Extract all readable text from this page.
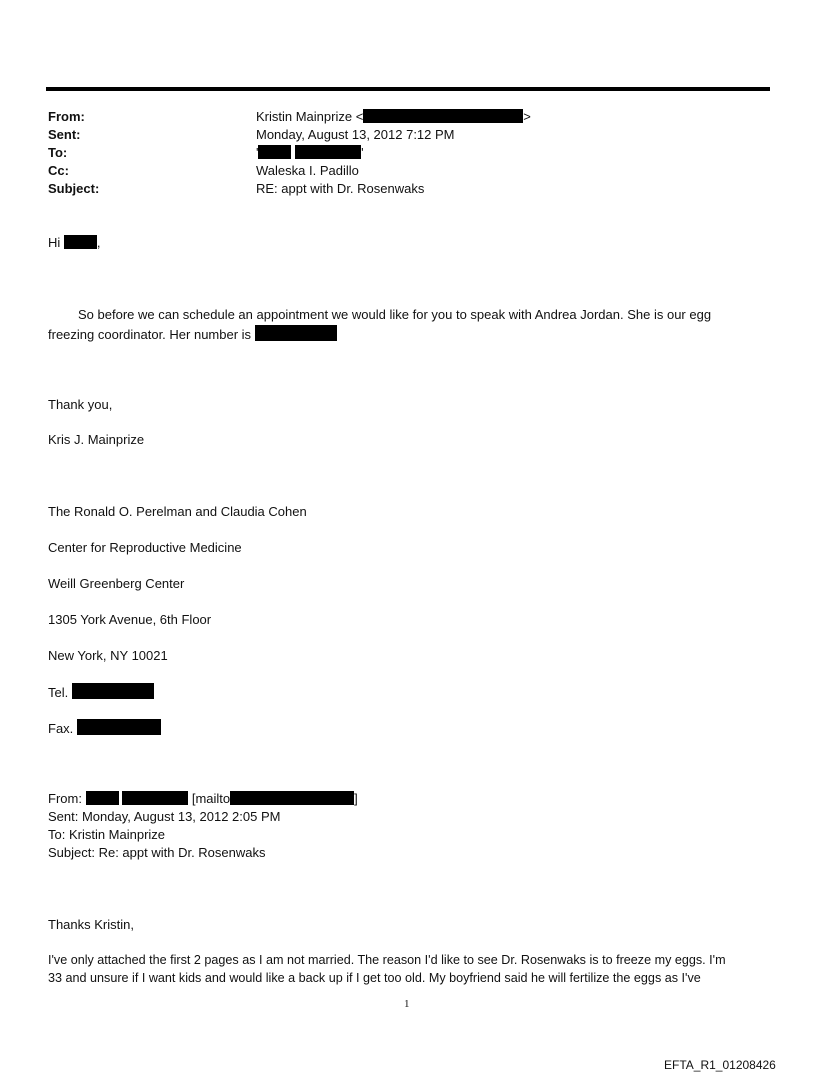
From:	Kristin Mainprize <	>
Sent:	Monday, August 13, 2012 7:12 PM
To:	'	'
Cc:	Waleska I. Padillo
Subject:	RE: appt with Dr. Rosenwaks
Hi	,
So before we can schedule an appointment we would like for you to speak with Andrea Jordan. She is our egg
freezing coordinator. Her number is
Thank you,
Kris J. Mainprize
The Ronald O. Perelman and Claudia Cohen
Center for Reproductive Medicine
Weill Greenberg Center
1305 York Avenue, 6th Floor
New York, NY 10021
Tel.
Fax.
From:	[mailto	]
Sent: Monday, August 13, 2012 2:05 PM
To: Kristin Mainprize
Subject: Re: appt with Dr. Rosenwaks
Thanks Kristin,
I've only attached the first 2 pages as I am not married. The reason I'd like to see Dr. Rosenwaks is to freeze my eggs. I'm
33 and unsure if I want kids and would like a back up if I get too old. My boyfriend said he will fertilize the eggs as I've
1
EFTA_R1_01208426
